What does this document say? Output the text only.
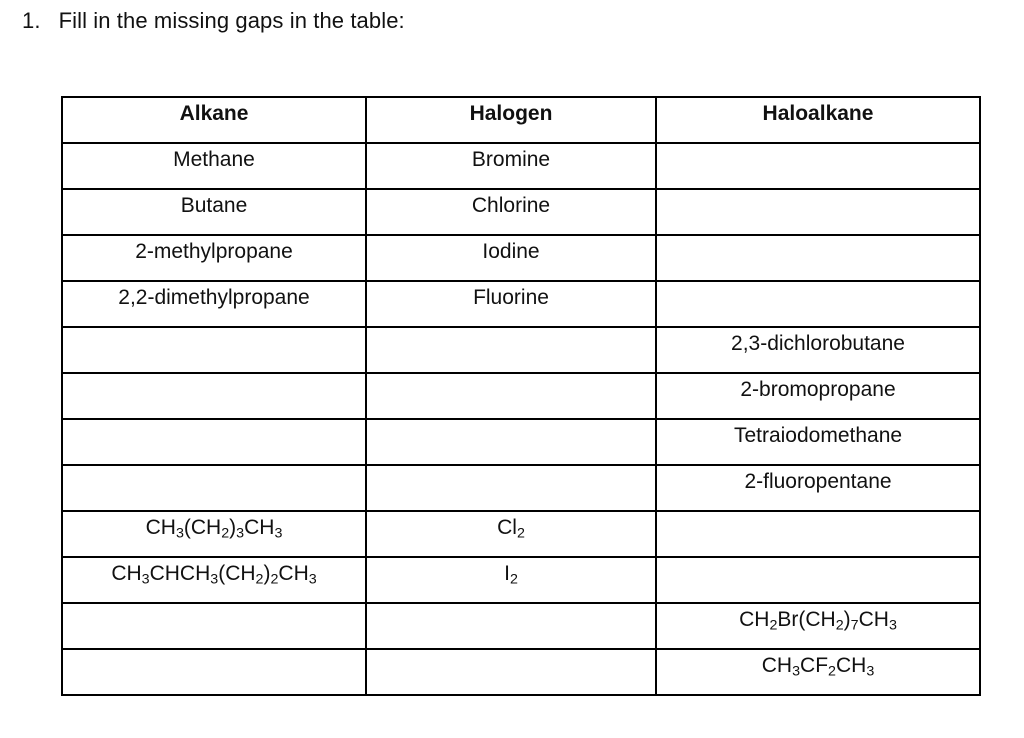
1. Fill in the missing gaps in the table:
Alkane	Halogen	Haloalkane
Methane	Bromine	
Butane	Chlorine	
2-methylpropane	Iodine	
2,2-dimethylpropane	Fluorine	
		2,3-dichlorobutane
		2-bromopropane
		Tetraiodomethane
		2-fluoropentane
$CH_3(CH_2)_3CH_3$	$Cl_2$	
$CH_3CHCH_3(CH_2)_2CH_3$	$I_2$	
		$CH_2Br(CH_2)_7CH_3$
		$CH_3CF_2CH_3$
